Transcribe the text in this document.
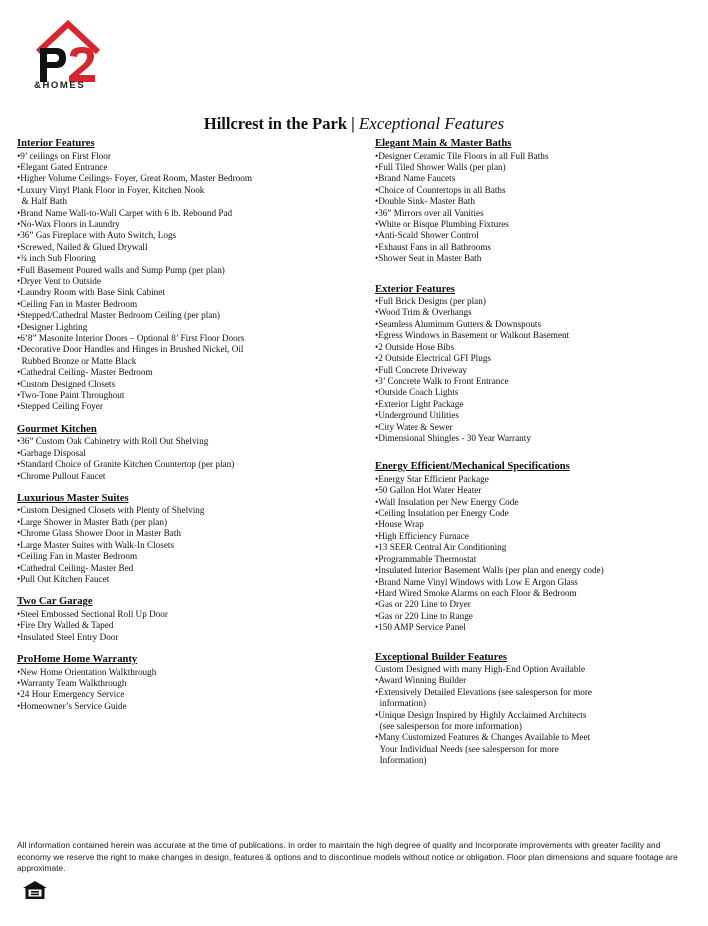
&HOMES
Hillcrest in the Park | Exceptional Features
Interior Features
•9’ ceilings on First Floor
•Elegant Gated Entrance
•Higher Volume Ceilings- Foyer, Great Room, Master Bedroom
•Luxury Vinyl Plank Floor in Foyer, Kitchen Nook
& Half Bath
•Brand Name Wall-to-Wall Carpet with 6 lb. Rebound Pad
•No-Wax Floors in Laundry
•36” Gas Fireplace with Auto Switch, Logs
•Screwed, Nailed & Glued Drywall
•¾ inch Sub Flooring
•Full Basement Poured walls and Sump Pump (per plan)
•Dryer Vent to Outside
•Laundry Room with Base Sink Cabinet
•Ceiling Fan in Master Bedroom
•Stepped/Cathedral Master Bedroom Ceiling (per plan)
•Designer Lighting
•6’8” Masonite Interior Doors – Optional 8’ First Floor Doors
•Decorative Door Handles and Hinges in Brushed Nickel, Oil
Rubbed Bronze or Matte Black
•Cathedral Ceiling- Master Bedroom
•Custom Designed Closets
•Two-Tone Paint Throughout
•Stepped Ceiling Foyer
Gourmet Kitchen
•36” Custom Oak Cabinetry with Roll Out Shelving
•Garbage Disposal
•Standard Choice of Granite Kitchen Countertop (per plan)
•Chrome Pullout Faucet
Luxurious Master Suites
•Custom Designed Closets with Plenty of Shelving
•Large Shower in Master Bath (per plan)
•Chrome Glass Shower Door in Master Bath
•Large Master Suites with Walk-In Closets
•Ceiling Fan in Master Bedroom
•Cathedral Ceiling- Master Bed
•Pull Out Kitchen Faucet
Two Car Garage
•Steel Embossed Sectional Roll Up Door
•Fire Dry Walled & Taped
•Insulated Steel Entry Door
ProHome Home Warranty
•New Home Orientation Walkthrough
•Warranty Team Walkthrough
•24 Hour Emergency Service
•Homeowner’s Service Guide
Elegant Main & Master Baths
•Designer Ceramic Tile Floors in all Full Baths
•Full Tiled Shower Walls (per plan)
•Brand Name Faucets
•Choice of Countertops in all Baths
•Double Sink- Master Bath
•36” Mirrors over all Vanities
•White or Bisque Plumbing Fixtures
•Anti-Scald Shower Control
•Exhaust Fans in all Bathrooms
•Shower Seat in Master Bath
Exterior Features
•Full Brick Designs (per plan)
•Wood Trim & Overhangs
•Seamless Aluminum Gutters & Downspouts
•Egress Windows in Basement or Walkout Basement
•2 Outside Hose Bibs
•2 Outside Electrical GFI Plugs
•Full Concrete Driveway
•3’ Concrete Walk to Front Entrance
•Outside Coach Lights
•Exterior Light Package
•Underground Utilities
•City Water & Sewer
•Dimensional Shingles - 30 Year Warranty
Energy Efficient/Mechanical Specifications
•Energy Star Efficient Package
•50 Gallon Hot Water Heater
•Wall Insulation per New Energy Code
•Ceiling Insulation per Energy Code
•House Wrap
•High Efficiency Furnace
•13 SEER Central Air Conditioning
•Programmable Thermostat
•Insulated Interior Basement Walls (per plan and energy code)
•Brand Name Vinyl Windows with Low E Argon Glass
•Hard Wired Smoke Alarms on each Floor & Bedroom
•Gas or 220 Line to Dryer
•Gas or 220 Line to Range
•150 AMP Service Panel
Exceptional Builder Features
Custom Designed with many High-End Option Available
•Award Winning Builder
•Extensively Detailed Elevations (see salesperson for more
information)
•Unique Design Inspired by Highly Acclaimed Architects
(see salesperson for more information)
•Many Customized Features & Changes Available to Meet
Your Individual Needs (see salesperson for more
Information)
All information contained herein was accurate at the time of publications. In order to maintain the high degree of quality and Incorporate improvements with greater facility and economy we reserve the right to make changes in design, features & options and to discontinue models without notice or obligation. Floor plan dimensions and square footage are approximate.
